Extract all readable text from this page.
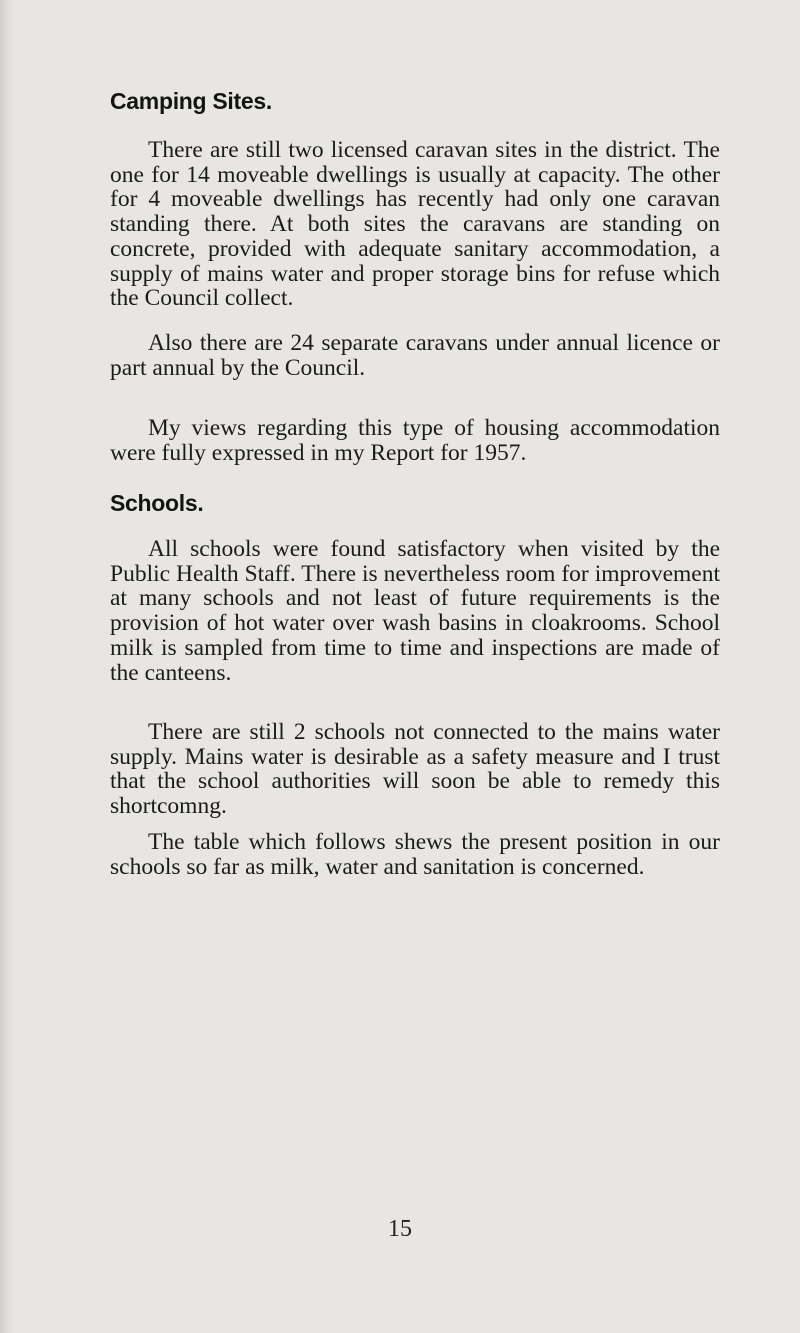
Camping Sites.

There are still two licensed caravan sites in the district. The one for 14 moveable dwellings is usually at capacity. The other for 4 moveable dwellings has recently had only one caravan standing there. At both sites the caravans are standing on concrete, provided with adequate sanitary accommodation, a supply of mains water and proper storage bins for refuse which the Council collect.

Also there are 24 separate caravans under annual licence or part annual by the Council.

My views regarding this type of housing accommodation were fully expressed in my Report for 1957.

Schools.

All schools were found satisfactory when visited by the Public Health Staff. There is nevertheless room for improvement at many schools and not least of future requirements is the provision of hot water over wash basins in cloakrooms. School milk is sampled from time to time and inspections are made of the canteens.

There are still 2 schools not connected to the mains water supply. Mains water is desirable as a safety measure and I trust that the school authorities will soon be able to remedy this shortcomng.

The table which follows shews the present position in our schools so far as milk, water and sanitation is concerned.

15
